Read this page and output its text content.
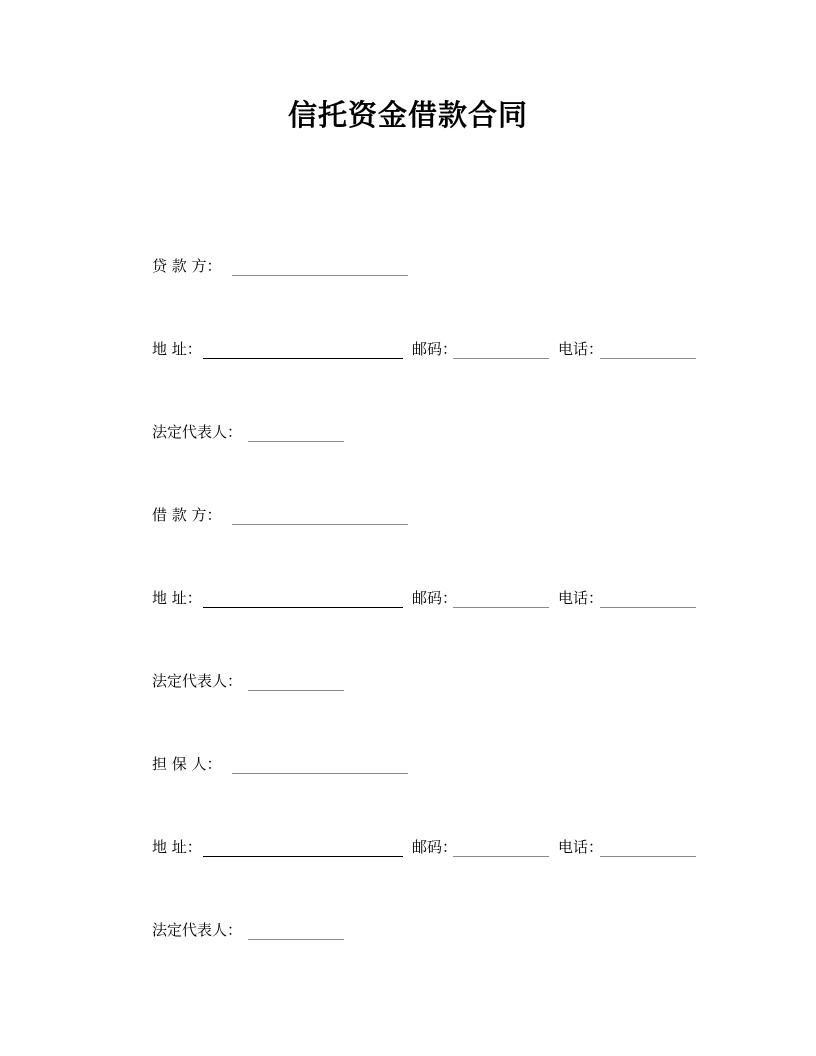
信托资金借款合同
贷 款 方：
地 址：	邮码：	电话：
法定代表人：
借 款 方：
地 址：	邮码：	电话：
法定代表人：
担 保 人：
地 址：	邮码：	电话：
法定代表人：
